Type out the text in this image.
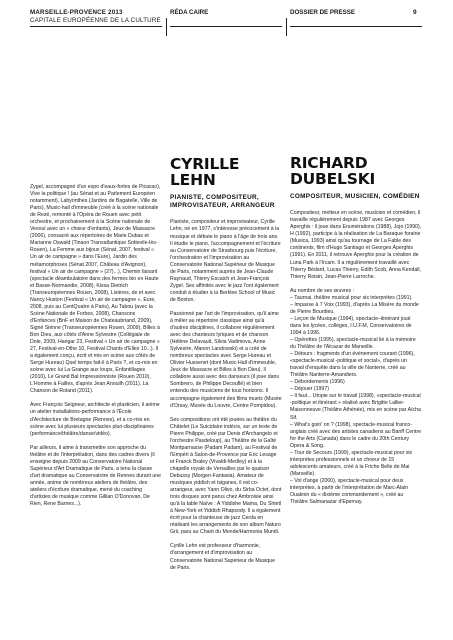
MARSEILLE-PROVENCE 2013
CAPITALE EUROPÉENNE DE LA CULTURE
RÉDA CAIRE	DOSSIER DE PRESSE	9

Zygel, accompagné d'un expo d'eaux-fortes de Picasso), Vive la politique ! (au Sénat et au Parlement Européen notamment), Labyrinthes (Jardins de Bagatelle, Ville de Paris), Music-hall d'immeuble (créé à la scène nationale de Rezé, remonté à l'Opéra de Rouen avec petit orchestre, et prochainement à la Scène nationale de Vesoul avec un « chœur d'enfants), Jeux de Massacre (2006), consacré aux répertoires de Marie Dubas et Marianne Oswald (Tinaon Transatlantique Sottevile-lès-Rouen), La Femme aux bijoux (Sénat, 2007, festival « Un air de campagne » dans l'Eure), Jardin des métamorphoses (Sénat 2007, Château d'Avignon), festival « Un air de campagne » (27)...), Chemin faisant (spectacle déambulatoire dans des fermes bio en Haute et Basse-Normandie, 2008), Kissa Dietrich (Transeuropéennes Rouen, 2008), Lisières, de et avec Nancy Huston (Festival « Un air de campagne », Eure, 2008, puis au CentQuatre à Paris), Au Tabou (avec la Scène Nationale de Forbes, 2008), Chansons d'Enfances (BnF et Maison de Chateaubriand, 2009), Signé Siénne (Transeuropéennes Rouen, 2009), Billes à Bon Dieu, aux côtés d'Anne Sylvestre (Collégiale de Dole, 2009, Hangar 23, Festival « Un air de campagne » 27, Festival-en-Othe 10, Festival Chants d'Elles 10...). Il a également conçu, écrit et mis en scène aux côtés de Serge Hureau) Quel temps fait-il à Paris ?, et co-mis en scène avec lui La Grange aux loups, Enfantillages (2010), Le Grand Bal Impressionniste (Rouen 2010), L'Homme à Failles, d'après Jean Anouilh (2011), La Chanson de Roland (2011).

Avec François Seigneur, architecte et plasticien, il anime un atelier installations-performance à l'École d'Architecture de Bretagne (Rennes), et a co-mis en scène avec lui plusieurs spectacles pluri-disciplinaires (performance/théâtre/danse/vidéo).

Par ailleurs, il aime à transmettre son approche du théâtre et de l'interprétation, dans des cadres divers (il enseigne depuis 2009 au Conservatoire National Supérieur d'Art Dramatique de Paris, a tenu la classe d'art dramatique au Conservatoire de Rennes durant une année, anime de nombreux ateliers de théâtre, des ateliers d'écriture dramatique, mené du coaching d'artistes de musique comme Gillian O'Donovan, De Rien, Rene Barnes...).

CYRILLE LEHN
PIANISTE, COMPOSITEUR, IMPROVISATEUR, ARRANGEUR

Pianiste, compositeur et improvisateur, Cyrille Lehn, né en 1977, s'intéresse précocement à la musique et débute le piano à l'âge de trois ans. Il étudie le piano, l'accompagnement et l'écriture au Conservatoire de Strasbourg puis l'écriture, l'orchestration et l'improvisation au Conservatoire National Supérieur de Musique de Paris, notamment auprès de Jean-Claude Raynaud, Thierry Escaich et Jean-François Zygel. Ses affinités avec le jazz l'ont également conduit à étudier à la Berklee School of Music de Boston.

Passionné par l'art de l'improvisation, qu'il aime à mêler au répertoire classique ainsi qu'à d'autres disciplines, il collabore régulièrement avec des chanteurs lyriques et de chanson (Hélène Delavault, Silvia Vadimova, Anne Sylvestre, Manon Landowski) et a créé de nombreux spectacles avec Serge Hureau et Olivier Hussenet (dont Music-Hall d'immeuble, Jeux de Massacre et Billes à Bon Dieu). Il collabore aussi avec des danseurs (il joue dans Sombrero, de Philippe Decouflé) et bien entendu des musiciens de tous horizons. Il accompagne également des films muets (Musée d'Orsay, Musée du Louvre, Centre Pompidou).

Ses compositions ont été jouées au théâtre du Châtelet (Le Suicidaire indécis, sur un texte de Pierre Philippe, créé par Denis d'Archangelo et l'orchestre Pasdeloup), au Théâtre de la Gaîté Montparnasse (Padam Padam), au Festival de l'Empéri à Salon-de-Provence par Eric Lesage et Franck Braley (Vivaldi-Medley) et à la chapelle royale de Versailles par le quatuor Debussy (Morgen-Fantasia). Amateur de musiques yiddish et tsiganes, il est co-arrangeur, avec Yann Olivo, du Sirba Octet, dont trois disques sont parus chez Ambroisie ainsi qu'à la table Naïve : A Yiddishe Mama, Du Shtetl à New-York et Yiddish Rhapsody. Il a également écrit pour la chanteuse de jazz Cerda en réalisant les arrangements de son album Naturo Grii, paru au Chant du Monde/Harmonia Mundi.

Cyrille Lehn est professeur d'harmonie, d'arrangement et d'improvisation au Conservatoire National Supérieur de Musique de Paris.

RICHARD DUBELSKI
COMPOSITEUR, MUSICIEN, COMÉDIEN

Compositeur, metteur en scène, musicien et comédien, il travaille régulièrement depuis 1987 avec Georges Aperghis : il joue dans Enumérations (1988), Jojo (1990), H (1992), participe à la réalisation de La Baraque foraine (Musica, 1993) ainsi qu'au tournage de La Fable des continents, film d'Hugo Santiago et Georges Aperghis (1991). En 2011, il retrouve Aperghis pour la création de Luna Park à l'Ircam. Il a régulièrement travaillé avec Thierry Bédard, Lucas Thierry, Edith Scob, Anna Kendall, Thierry Roisin, Jean-Pierre Larroche.

Au nombre de ses œuvres :
– Taurnai, théâtre musical pour six interprètes (1991).
– Impasse à 7 Voix (1993), d'après La Misère du monde de Pierre Bourdieu.
– Leçon de Musique (1994), spectacle–itinérant joué dans les lycées, collèges, I.U.F.M, Conservatoires de 1994 à 1996.
– Opérettes (1995), spectacle-musical lié à la mémoire du Théâtre de l'Alcazar de Marseille.
– Détours : fragments d'un événement courant (1996), «spectacle-musical -politique et social», d'après un travail d'enquête dans la ville de Nanterre, créé au Théâtre Nanterre-Amandiers.
– Débordements (1996)
– Déjouer (1997)
– Il faut... Utopie sur le travail (1998), «spectacle-musical -politique et itinérant » réalisé avec Brigitte Lallier-Maisonneuve (Théâtre Athénée), mis en scène par Aïcha Sif.
– What's goin' on ? (1998), spectacle-musical franco-anglais créé avec des artistes canadiens au Banff Centre for the Arts (Canada) dans le cadre du 20th Century Opera & Song.
– Tour de Secours (1999), spectacle-musical pour six interprètes professionnels et un choeur de 15 adolescents amateurs, créé à la Friche Belle de Mai (Marseille).
– Vol d'ange (2000), spectacle-musical pour deux interprètes, à partir de l'interprétation de Marc-Alain Ouaknin du « dixième commandement », créé au Théâtre Salmanazar d'Epernay.
